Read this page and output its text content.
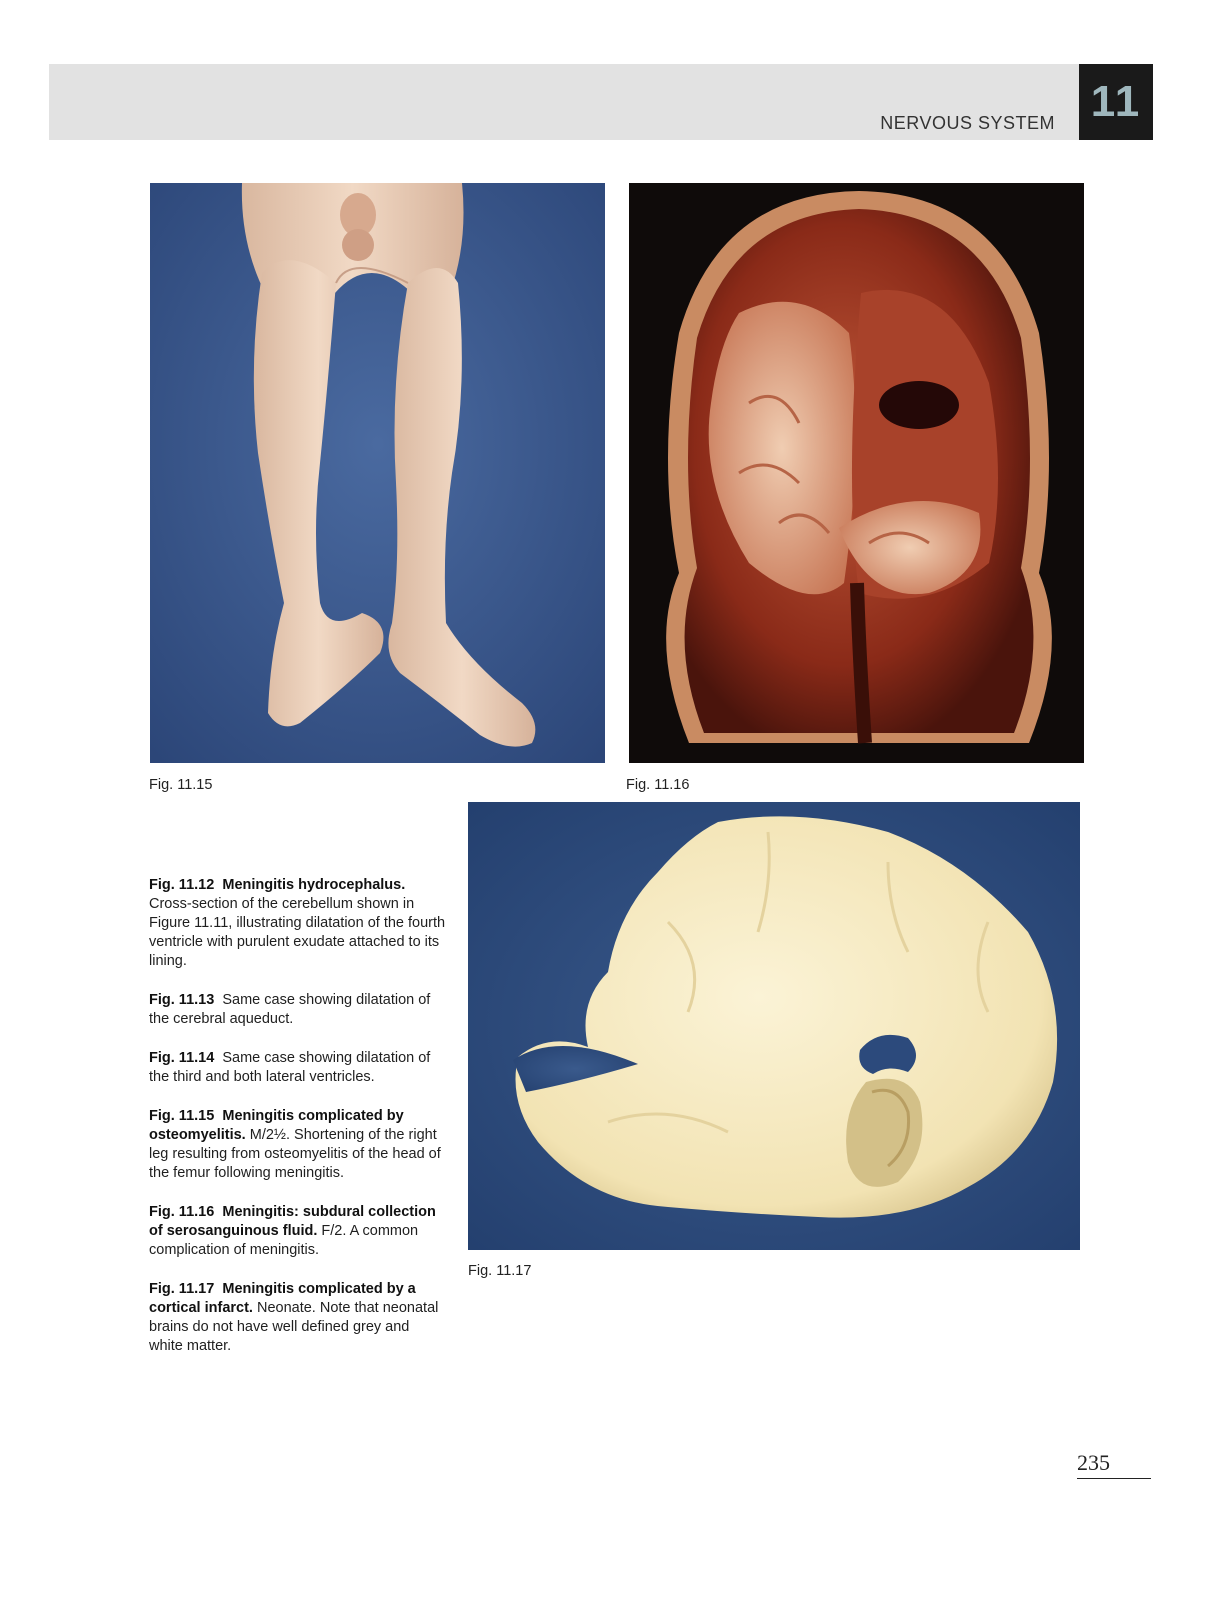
NERVOUS SYSTEM 11
Fig. 11.15	Fig. 11.16
Fig. 11.17

Fig. 11.12 Meningitis hydrocephalus. Cross-section of the cerebellum shown in Figure 11.11, illustrating dilatation of the fourth ventricle with purulent exudate attached to its lining.

Fig. 11.13 Same case showing dilatation of the cerebral aqueduct.

Fig. 11.14 Same case showing dilatation of the third and both lateral ventricles.

Fig. 11.15 Meningitis complicated by osteomyelitis. M/2½. Shortening of the right leg resulting from osteomyelitis of the head of the femur following meningitis.

Fig. 11.16 Meningitis: subdural collection of serosanguinous fluid. F/2. A common complication of meningitis.

Fig. 11.17 Meningitis complicated by a cortical infarct. Neonate. Note that neonatal brains do not have well defined grey and white matter.

235
